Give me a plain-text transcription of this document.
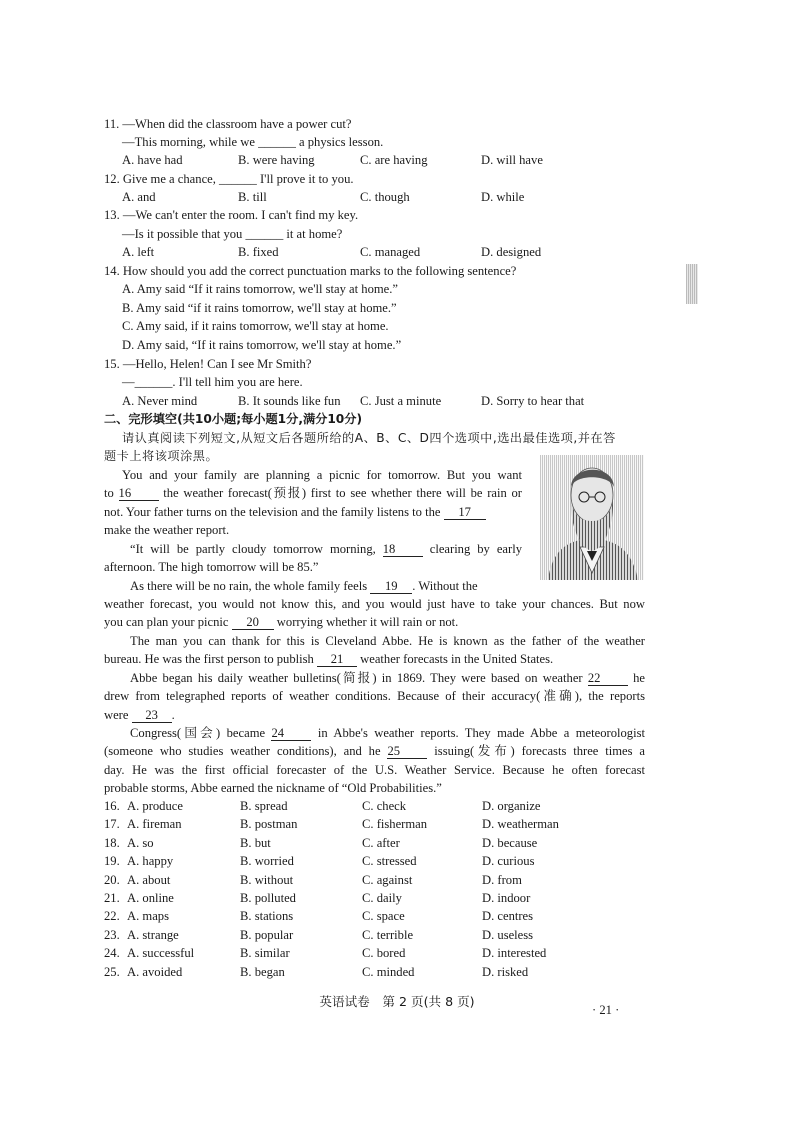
11. —When did the classroom have a power cut?
—This morning, while we ______ a physics lesson.
A. have had	B. were having	C. are having	D. will have
12. Give me a chance, ______ I'll prove it to you.
A. and	B. till	C. though	D. while
13. —We can't enter the room. I can't find my key.
—Is it possible that you ______ it at home?
A. left	B. fixed	C. managed	D. designed
14. How should you add the correct punctuation marks to the following sentence?
A. Amy said “If it rains tomorrow, we'll stay at home.”
B. Amy said “if it rains tomorrow, we'll stay at home.”
C. Amy said, if it rains tomorrow, we'll stay at home.
D. Amy said, “If it rains tomorrow, we'll stay at home.”
15. —Hello, Helen! Can I see Mr Smith?
—______. I'll tell him you are here.
A. Never mind	B. It sounds like fun C. Just a minute	D. Sorry to hear that
二、完形填空(共10小题;每小题1分,满分10分)
请认真阅读下列短文,从短文后各题所给的A、B、C、D四个选项中,选出最佳选项,并在答
题卡上将该项涂黑。
You and your family are planning a picnic for tomorrow. But you want
to 16 the weather forecast(预报) first to see whether there will be rain or
not. Your father turns on the television and the family listens to the 17
make the weather report.
“It will be partly cloudy tomorrow morning, 18 clearing by early
afternoon. The high tomorrow will be 85.”
As there will be no rain, the whole family feels 19 . Without the
weather forecast, you would not know this, and you would just have to take your chances. But now
you can plan your picnic 20 worrying whether it will rain or not.
The man you can thank for this is Cleveland Abbe. He is known as the father of the weather
bureau. He was the first person to publish 21 weather forecasts in the United States.
Abbe began his daily weather bulletins(简报) in 1869. They were based on weather 22 he
drew from telegraphed reports of weather conditions. Because of their accuracy(准确), the reports
were 23 .
Congress(国会) became 24 in Abbe's weather reports. They made Abbe a meteorologist
(someone who studies weather conditions), and he 25 issuing(发布) forecasts three times a
day. He was the first official forecaster of the U.S. Weather Service. Because he often forecast
probable storms, Abbe earned the nickname of “Old Probabilities.”
16. A. produce	B. spread	C. check	D. organize
17. A. fireman	B. postman	C. fisherman	D. weatherman
18. A. so	B. but	C. after	D. because
19. A. happy	B. worried	C. stressed	D. curious
20. A. about	B. without	C. against	D. from
21. A. online	B. polluted	C. daily	D. indoor
22. A. maps	B. stations	C. space	D. centres
23. A. strange	B. popular	C. terrible	D. useless
24. A. successful	B. similar	C. bored	D. interested
25. A. avoided	B. began	C. minded	D. risked
英语试卷　第 2 页(共 8 页)
· 21 ·
